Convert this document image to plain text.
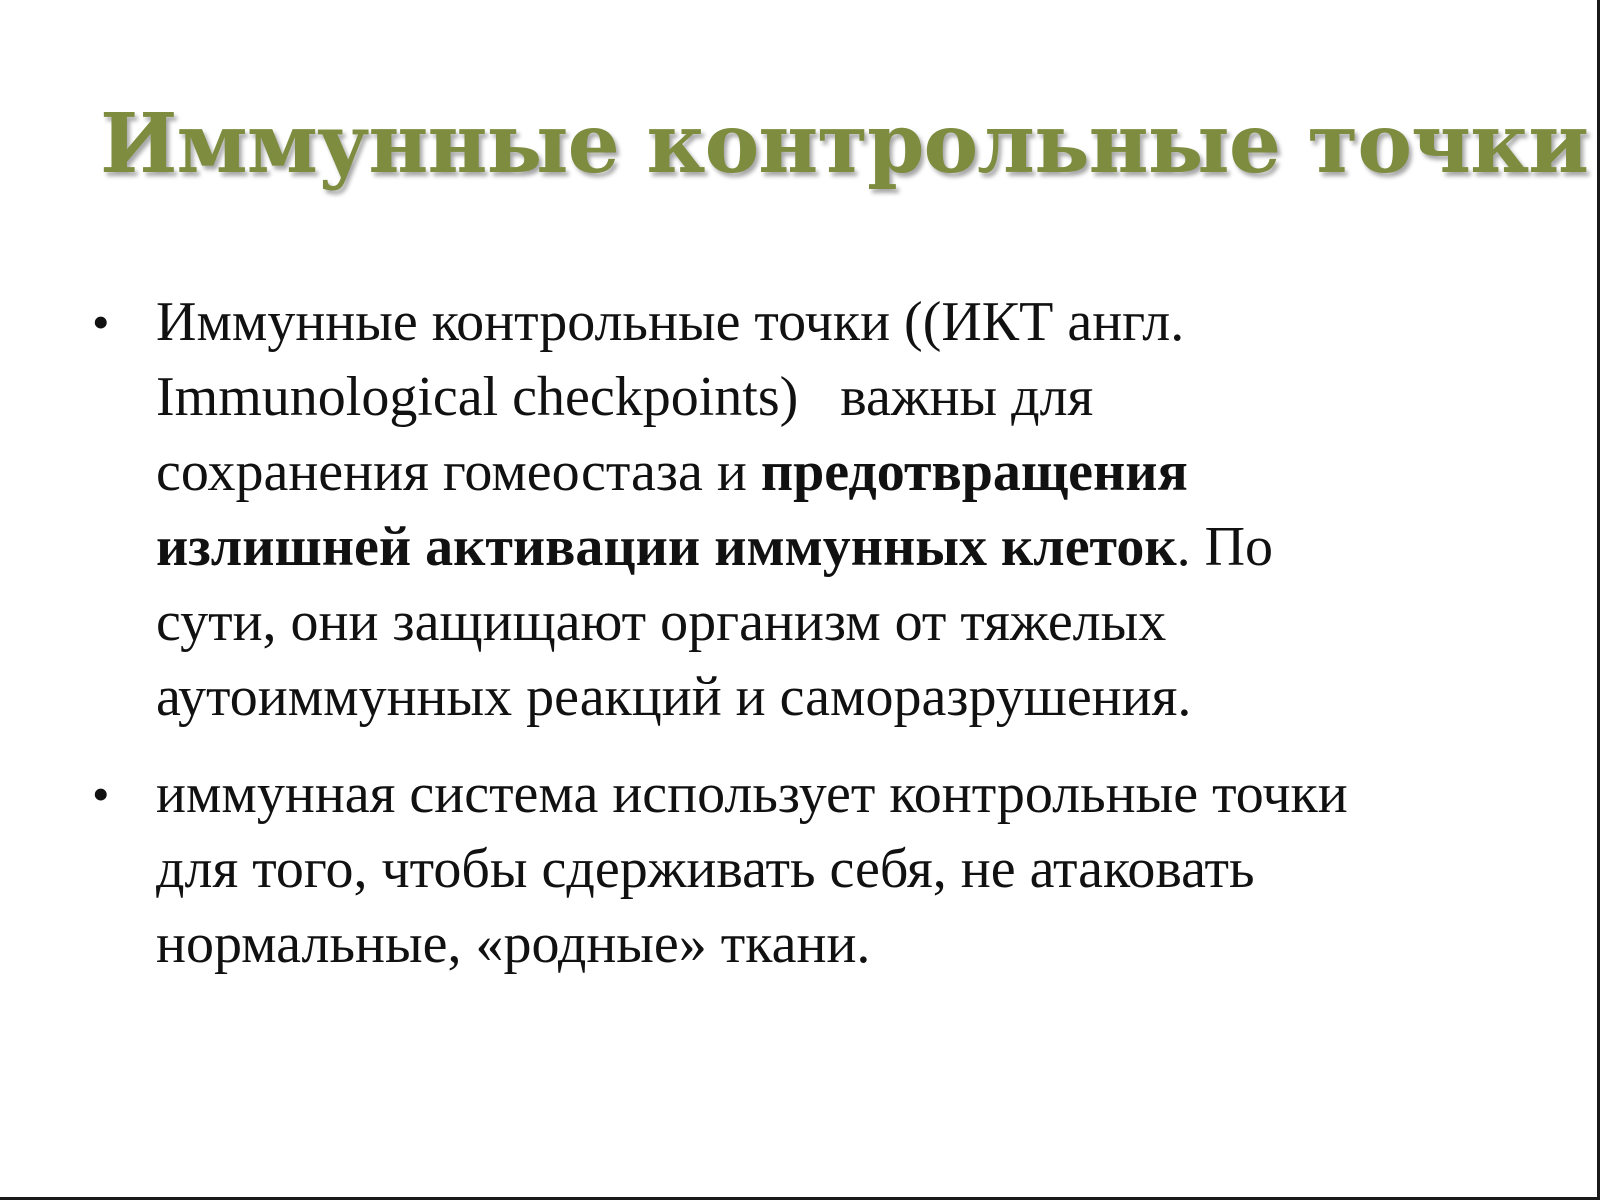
Иммунные контрольные точки
• Иммунные контрольные точки ((ИКТ англ.
Immunological checkpoints)   важны для
сохранения гомеостаза и предотвращения
излишней активации иммунных клеток. По
сути, они защищают организм от тяжелых
аутоиммунных реакций и саморазрушения.
• иммунная система использует контрольные точки
для того, чтобы сдерживать себя, не атаковать
нормальные, «родные» ткани.
